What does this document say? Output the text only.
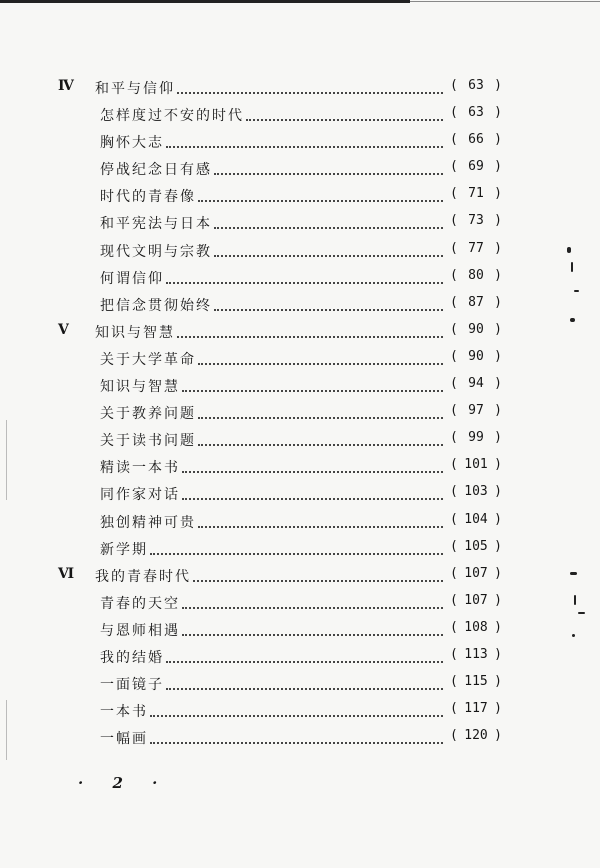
Ⅳ 和平与信仰	( 63 )
怎样度过不安的时代	( 63 )
胸怀大志	( 66 )
停战纪念日有感	( 69 )
时代的青春像	( 71 )
和平宪法与日本	( 73 )
现代文明与宗教	( 77 )
何谓信仰	( 80 )
把信念贯彻始终	( 87 )
Ⅴ 知识与智慧	( 90 )
关于大学革命	( 90 )
知识与智慧	( 94 )
关于教养问题	( 97 )
关于读书问题	( 99 )
精读一本书	( 101 )
同作家对话	( 103 )
独创精神可贵	( 104 )
新学期	( 105 )
Ⅵ 我的青春时代	( 107 )
青春的天空	( 107 )
与恩师相遇	( 108 )
我的结婚	( 113 )
一面镜子	( 115 )
一本书	( 117 )
一幅画	( 120 )
· 2 ·
